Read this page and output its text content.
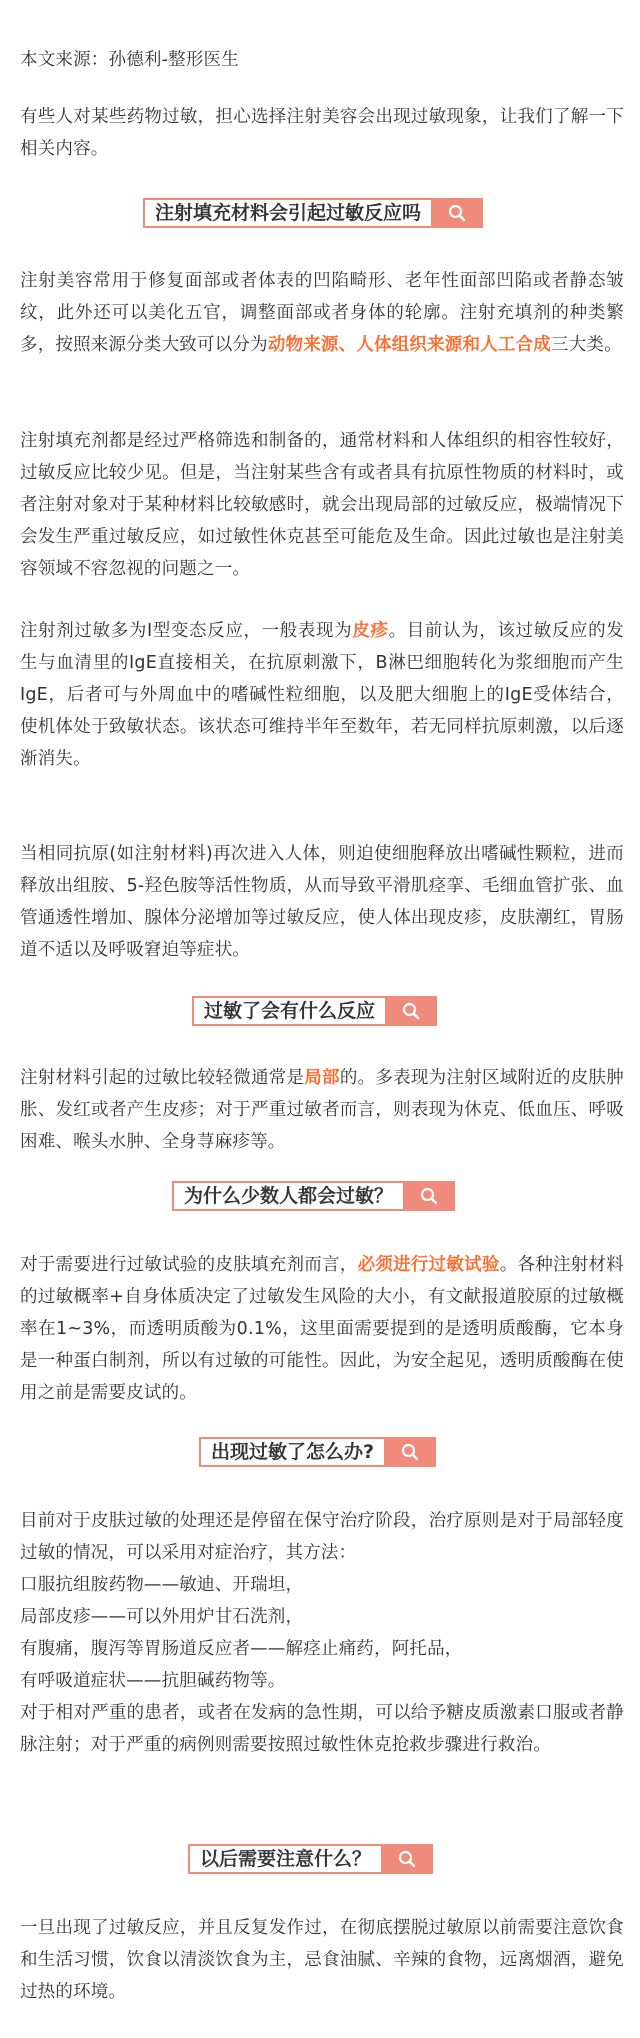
本文来源：孙德利-整形医生

有些人对某些药物过敏，担心选择注射美容会出现过敏现象，让我们了解一下相关内容。

注射填充材料会引起过敏反应吗

注射美容常用于修复面部或者体表的凹陷畸形、老年性面部凹陷或者静态皱纹，此外还可以美化五官，调整面部或者身体的轮廓。注射充填剂的种类繁多，按照来源分类大致可以分为动物来源、人体组织来源和人工合成三大类。

注射填充剂都是经过严格筛选和制备的，通常材料和人体组织的相容性较好，过敏反应比较少见。但是，当注射某些含有或者具有抗原性物质的材料时，或者注射对象对于某种材料比较敏感时，就会出现局部的过敏反应，极端情况下会发生严重过敏反应，如过敏性休克甚至可能危及生命。因此过敏也是注射美容领域不容忽视的问题之一。

注射剂过敏多为I型变态反应，一般表现为皮疹。目前认为，该过敏反应的发生与血清里的IgE直接相关，在抗原刺激下，B淋巴细胞转化为浆细胞而产生IgE，后者可与外周血中的嗜碱性粒细胞，以及肥大细胞上的IgE受体结合，使机体处于致敏状态。该状态可维持半年至数年，若无同样抗原刺激，以后逐渐消失。

当相同抗原(如注射材料)再次进入人体，则迫使细胞释放出嗜碱性颗粒，进而释放出组胺、5-羟色胺等活性物质，从而导致平滑肌痉挛、毛细血管扩张、血管通透性增加、腺体分泌增加等过敏反应，使人体出现皮疹，皮肤潮红，胃肠道不适以及呼吸窘迫等症状。

过敏了会有什么反应

注射材料引起的过敏比较轻微通常是局部的。多表现为注射区域附近的皮肤肿胀、发红或者产生皮疹；对于严重过敏者而言，则表现为休克、低血压、呼吸困难、喉头水肿、全身荨麻疹等。

为什么少数人都会过敏？

对于需要进行过敏试验的皮肤填充剂而言，必须进行过敏试验。各种注射材料的过敏概率+自身体质决定了过敏发生风险的大小，有文献报道胶原的过敏概率在1~3%，而透明质酸为0.1%，这里面需要提到的是透明质酸酶，它本身是一种蛋白制剂，所以有过敏的可能性。因此，为安全起见，透明质酸酶在使用之前是需要皮试的。

出现过敏了怎么办?

目前对于皮肤过敏的处理还是停留在保守治疗阶段，治疗原则是对于局部轻度过敏的情况，可以采用对症治疗，其方法：

口服抗组胺药物——敏迪、开瑞坦，

局部皮疹——可以外用炉甘石洗剂，

有腹痛，腹泻等胃肠道反应者——解痉止痛药，阿托品，

有呼吸道症状——抗胆碱药物等。

对于相对严重的患者，或者在发病的急性期，可以给予糖皮质激素口服或者静脉注射；对于严重的病例则需要按照过敏性休克抢救步骤进行救治。

以后需要注意什么？

一旦出现了过敏反应，并且反复发作过，在彻底摆脱过敏原以前需要注意饮食和生活习惯，饮食以清淡饮食为主，忌食油腻、辛辣的食物，远离烟酒，避免过热的环境。
